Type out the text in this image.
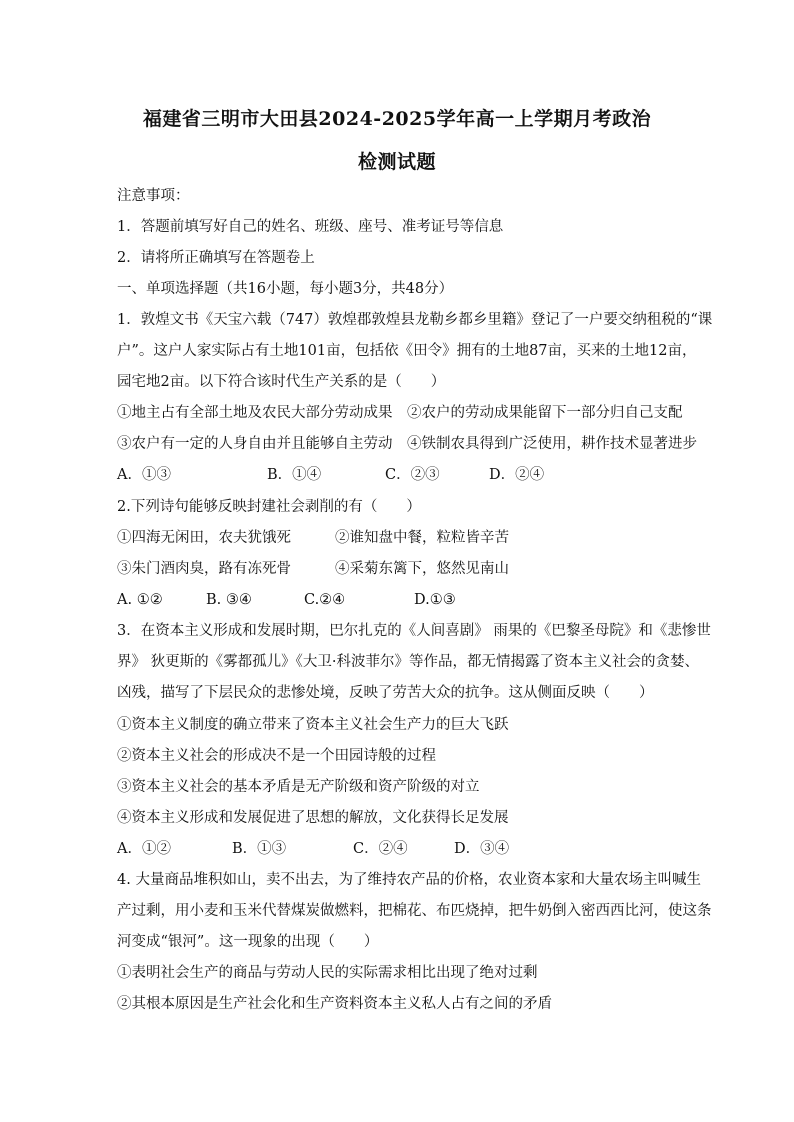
福建省三明市大田县2024-2025学年高一上学期月考政治
检测试题
注意事项：
1．答题前填写好自己的姓名、班级、座号、准考证号等信息
2．请将所正确填写在答题卷上
一、单项选择题（共16小题，每小题3分，共48分）
1．敦煌文书《天宝六载（747）敦煌郡敦煌县龙勒乡都乡里籍》登记了一户要交纳租税的“课
户”。这户人家实际占有土地101亩，包括依《田令》拥有的土地87亩，买来的土地12亩，
园宅地2亩。以下符合该时代生产关系的是（　　）
①地主占有全部土地及农民大部分劳动成果　②农户的劳动成果能留下一部分归自己支配
③农户有一定的人身自由并且能够自主劳动　④铁制农具得到广泛使用，耕作技术显著进步
A．①③	B．①④	C．②③	D．②④
2.下列诗句能够反映封建社会剥削的有（　　）
①四海无闲田，农夫犹饿死	②谁知盘中餐，粒粒皆辛苦
③朱门酒肉臭，路有冻死骨	④采菊东篱下，悠然见南山
A. ①②	B. ③④	C.②④	D.①③
3．在资本主义形成和发展时期，巴尔扎克的《人间喜剧》 雨果的《巴黎圣母院》和《悲惨世
界》 狄更斯的《雾都孤儿》《大卫·科波菲尔》等作品，都无情揭露了资本主义社会的贪婪、
凶残，描写了下层民众的悲惨处境，反映了劳苦大众的抗争。这从侧面反映（　　）
①资本主义制度的确立带来了资本主义社会生产力的巨大飞跃
②资本主义社会的形成决不是一个田园诗般的过程
③资本主义社会的基本矛盾是无产阶级和资产阶级的对立
④资本主义形成和发展促进了思想的解放，文化获得长足发展
A．①②	B．①③	C．②④	D．③④
4. 大量商品堆积如山，卖不出去，为了维持农产品的价格，农业资本家和大量农场主叫喊生
产过剩，用小麦和玉米代替煤炭做燃料，把棉花、布匹烧掉，把牛奶倒入密西西比河，使这条
河变成“银河”。这一现象的出现（　　）
①表明社会生产的商品与劳动人民的实际需求相比出现了绝对过剩
②其根本原因是生产社会化和生产资料资本主义私人占有之间的矛盾
